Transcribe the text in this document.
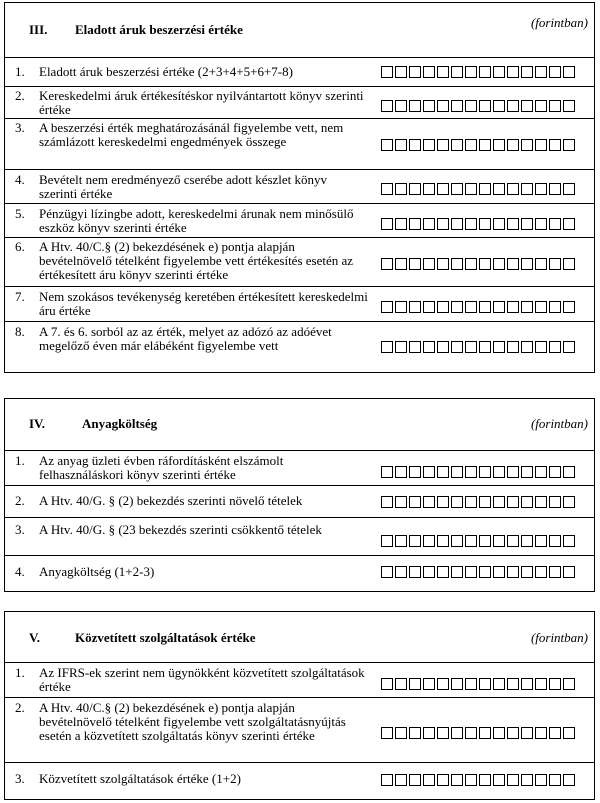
III. Eladott áruk beszerzési értéke	(forintban)
1.	Eladott áruk beszerzési értéke (2+3+4+5+6+7-8)
2.	Kereskedelmi áruk értékesítéskor nyilvántartott könyv szerinti értéke
3.	A beszerzési érték meghatározásánál figyelembe vett, nem számlázott kereskedelmi engedmények összege
4.	Bevételt nem eredményező cserébe adott készlet könyv szerinti értéke
5.	Pénzügyi lízingbe adott, kereskedelmi árunak nem minősülő eszköz könyv szerinti értéke
6.	A Htv. 40/C.§ (2) bekezdésének e) pontja alapján bevételnövelő tételként figyelembe vett értékesítés esetén az értékesített áru könyv szerinti értéke
7.	Nem szokásos tevékenység keretében értékesített kereskedelmi áru értéke
8.	A 7. és 6. sorból az az érték, melyet az adózó az adóévet megelőző éven már elábéként figyelembe vett
IV.	Anyagköltség	(forintban)
1.	Az anyag üzleti évben ráfordításként elszámolt felhasználáskori könyv szerinti értéke
2.	A Htv. 40/G. § (2) bekezdés szerinti növelő tételek
3.	A Htv. 40/G. § (23 bekezdés szerinti csökkentő tételek
4.	Anyagköltség (1+2-3)
V.	Közvetített szolgáltatások értéke	(forintban)
1.	Az IFRS-ek szerint nem ügynökként közvetített szolgáltatások értéke
2.	A Htv. 40/C.§ (2) bekezdésének e) pontja alapján bevételnövelő tételként figyelembe vett szolgáltatásnyújtás esetén a közvetített szolgáltatás könyv szerinti értéke
3.	Közvetített szolgáltatások értéke (1+2)
